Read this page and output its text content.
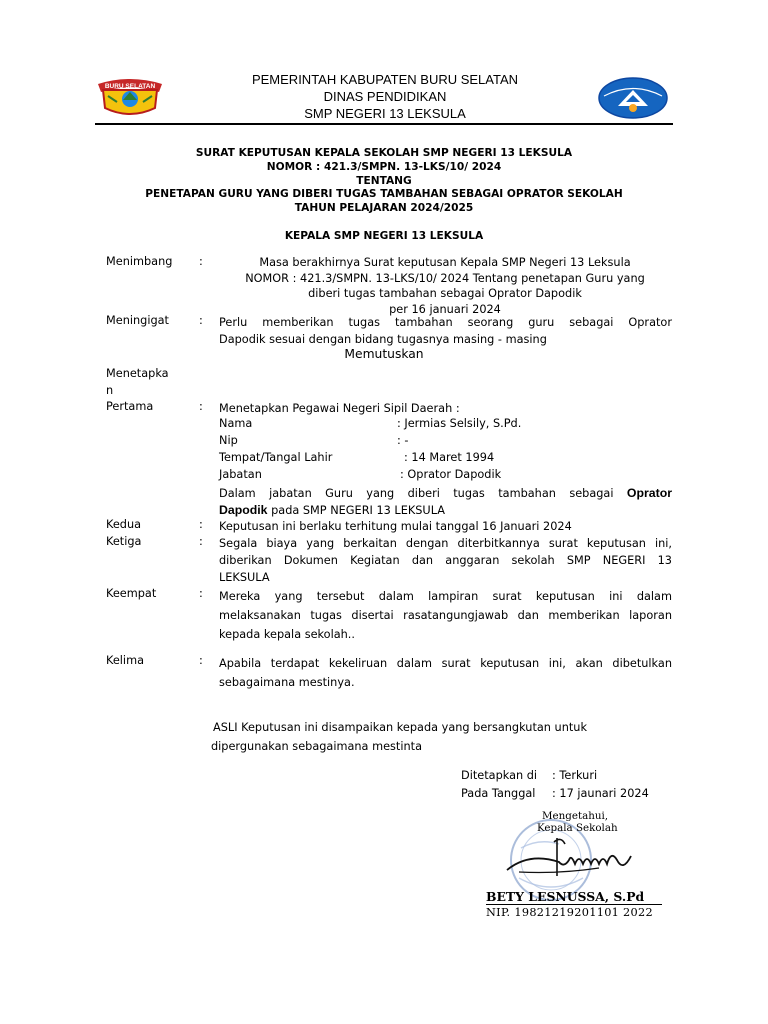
BURU SELATAN	PEMERINTAH KABUPATEN BURU SELATAN
DINAS PENDIDIKAN
SMP NEGERI 13 LEKSULA
SURAT KEPUTUSAN KEPALA SEKOLAH SMP NEGERI 13 LEKSULA
NOMOR : 421.3/SMPN. 13-LKS/10/ 2024
TENTANG
PENETAPAN GURU YANG DIBERI TUGAS TAMBAHAN SEBAGAI OPRATOR SEKOLAH
TAHUN PELAJARAN 2024/2025
KEPALA SMP NEGERI 13 LEKSULA
Menimbang :	Masa berakhirnya Surat keputusan Kepala SMP Negeri 13 Leksula
NOMOR : 421.3/SMPN. 13-LKS/10/ 2024 Tentang penetapan Guru yang
diberi tugas tambahan sebagai Oprator Dapodik
per 16 januari 2024
Meningigat	: Perlu memberikan tugas tambahan seorang guru sebagai Oprator
Dapodik sesuai dengan bidang tugasnya masing - masing
Memutuskan
Menetapka
n
Pertama	: Menetapkan Pegawai Negeri Sipil Daerah :
Nama	: Jermias Selsily, S.Pd.
Nip	: -
Tempat/Tangal Lahir	: 14 Maret 1994
Jabatan	: Oprator Dapodik
Dalam jabatan Guru yang diberi tugas tambahan sebagai Oprator
Dapodik pada SMP NEGERI 13 LEKSULA
Kedua	: Keputusan ini berlaku terhitung mulai tanggal 16 Januari 2024
Ketiga	: Segala biaya yang berkaitan dengan diterbitkannya surat keputusan ini,
diberikan Dokumen Kegiatan dan anggaran sekolah SMP NEGERI 13
LEKSULA
Keempat	: Mereka yang tersebut dalam lampiran surat keputusan ini dalam
melaksanakan tugas disertai rasatangungjawab dan memberikan laporan
kepada kepala sekolah..
Kelima	: Apabila terdapat kekeliruan dalam surat keputusan ini, akan dibetulkan
sebagaimana mestinya.
ASLI Keputusan ini disampaikan kepada yang bersangkutan untuk
dipergunakan sebagaimana mestinta
Ditetapkan di : Terkuri
Pada Tanggal : 17 jaunari 2024
Mengetahui,
Kepala Sekolah
BETY LESNUSSA, S.Pd
NIP. 19821219201101 2022
